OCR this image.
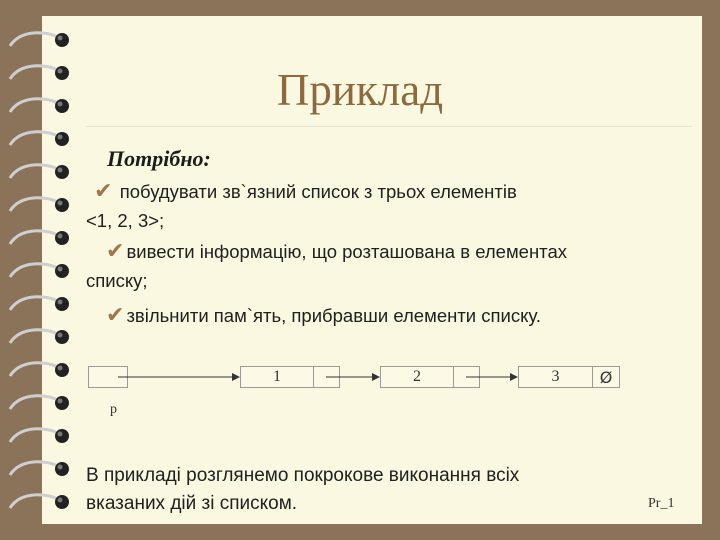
Приклад
Потрібно:
✔ побудувати зв`язний список з трьох елементів
<1, 2, 3>;
✔ вивести інформацію, що розташована в елементах
списку;
✔ звільнити пам`ять, прибравши елементи списку.
1	2	3	Ø
p
В прикладі розглянемо покрокове виконання всіх
вказаних дій зі списком.	Pr_1
